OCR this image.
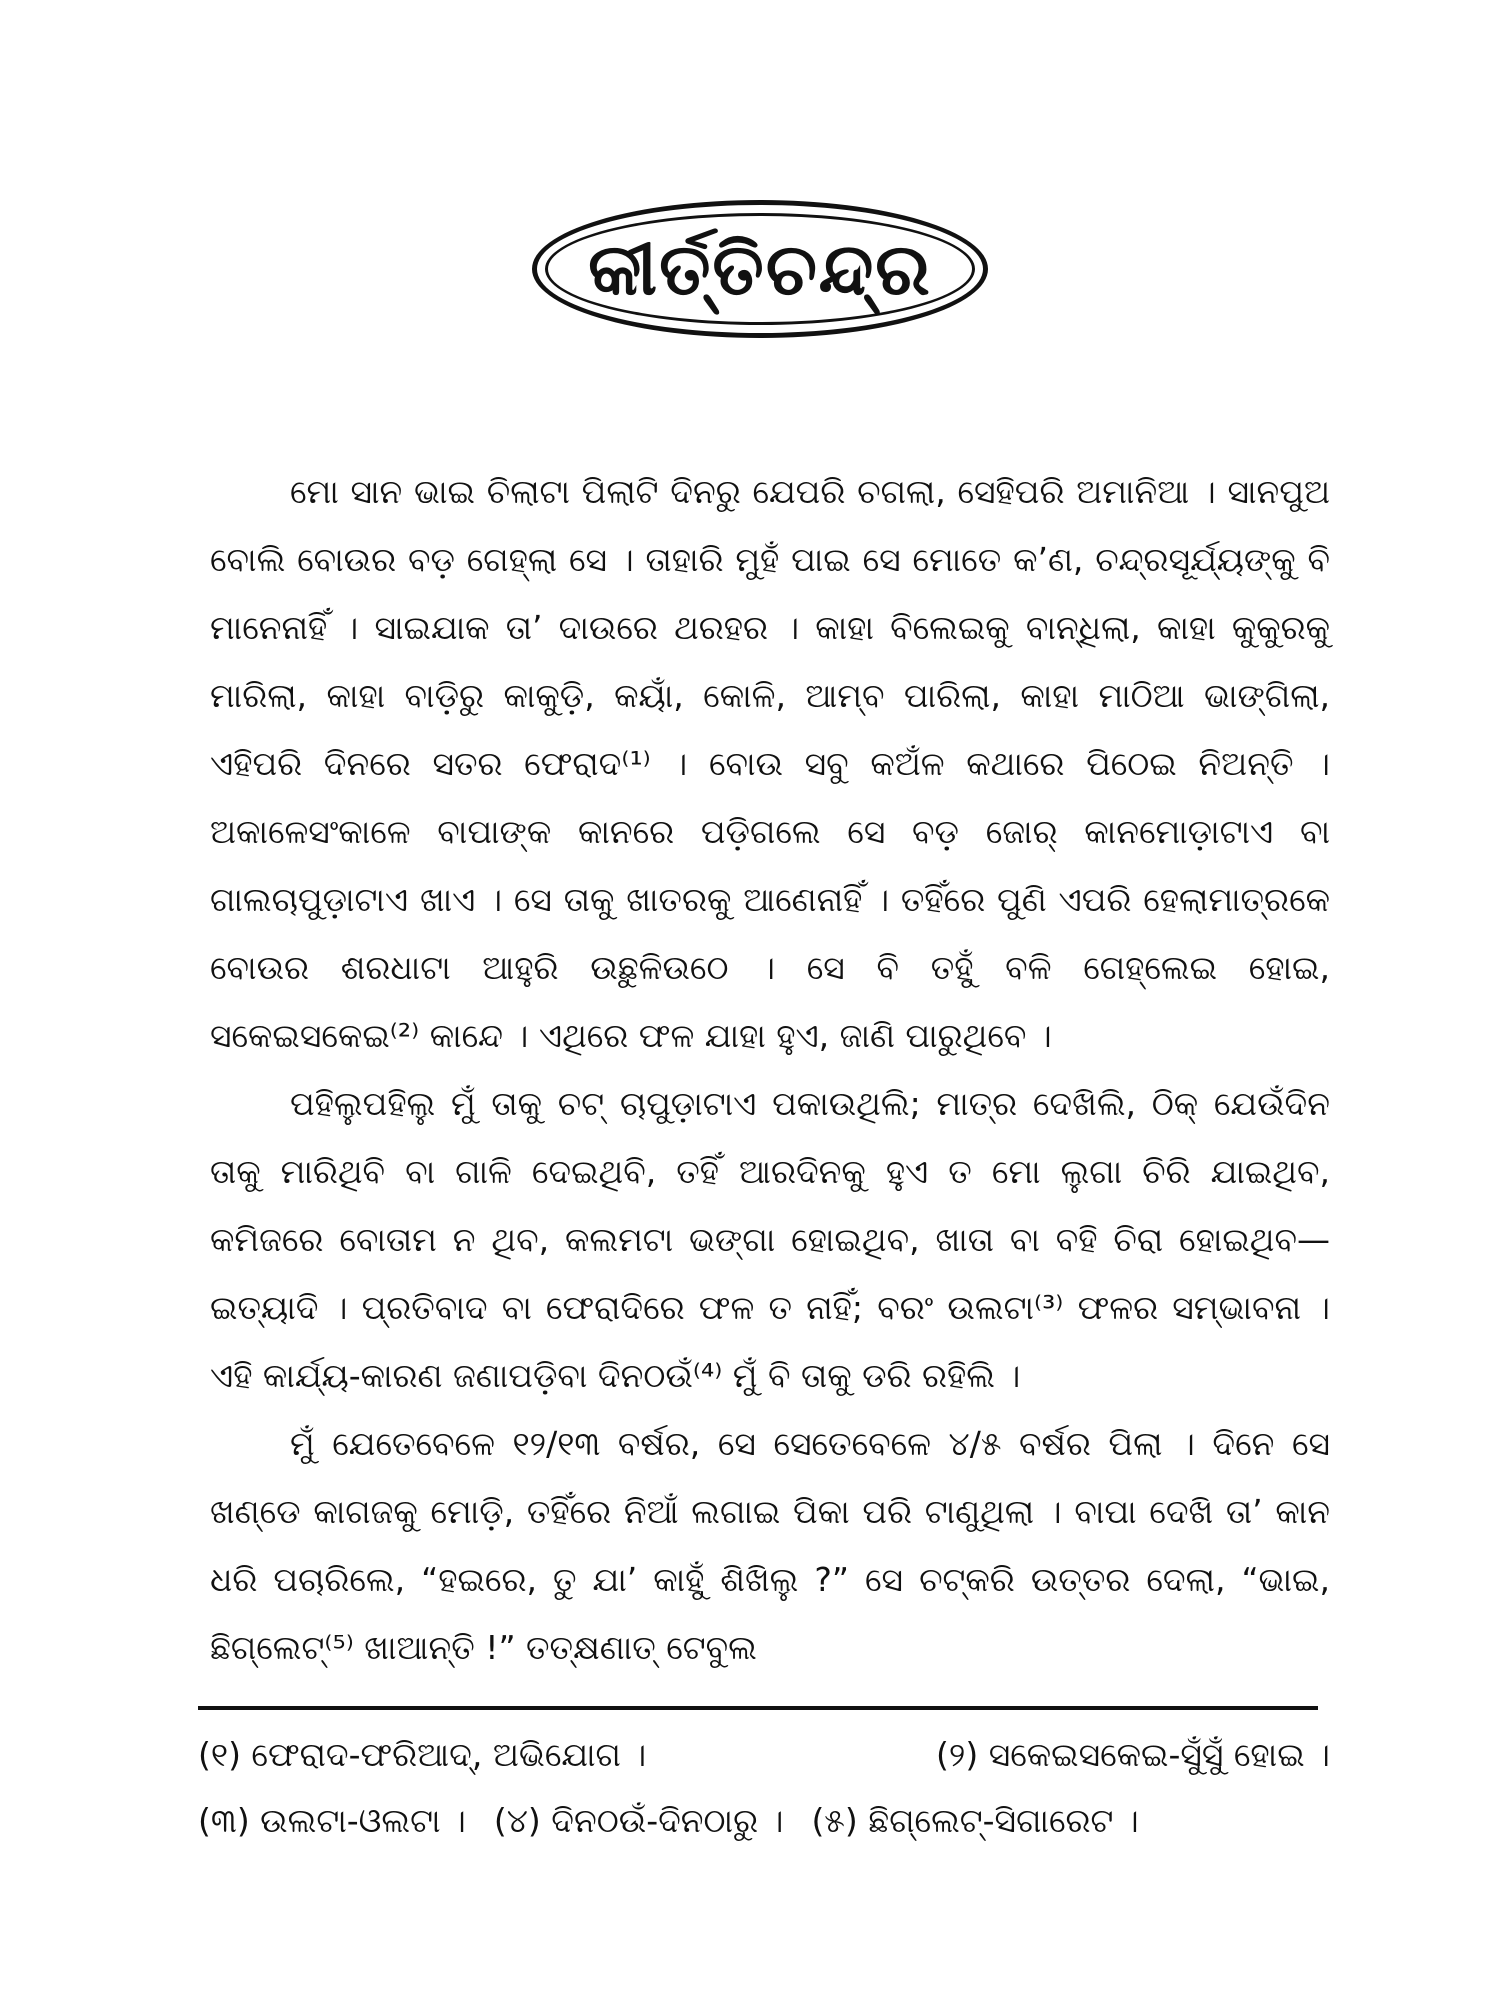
କୀର୍ତ୍ତିଚନ୍ଦ୍ର

ମୋ ସାନ ଭାଇ ଚିଲାଟା ପିଲାଟି ଦିନରୁ ଯେପରି ଚଗଲା, ସେହିପରି ଅମାନିଆ । ସାନପୁଅ ବୋଲି ବୋଉର ବଡ଼ ଗେହ୍ଲା ସେ । ତାହାରି ମୁହଁ ପାଇ ସେ ମୋତେ କ’ଣ, ଚନ୍ଦ୍ରସୂର୍ଯ୍ୟଙ୍କୁ ବି ମାନେନାହିଁ । ସାଇଯାକ ତା’ ଦାଉରେ ଥରହର । କାହା ବିଲେଇକୁ ବାନ୍ଧିଲା, କାହା କୁକୁରକୁ ମାରିଲା, କାହା ବାଡ଼ିରୁ କାକୁଡ଼ି, କୟାଁ, କୋଳି, ଆମ୍ବ ପାରିଲା, କାହା ମାଠିଆ ଭାଙ୍ଗିଲା, ଏହିପରି ଦିନରେ ସତର ଫେରାଦ⁽¹⁾ । ବୋଉ ସବୁ କଅଁଳ କଥାରେ ପିଠେଇ ନିଅନ୍ତି । ଅକାଳେସଂକାଳେ ବାପାଙ୍କ କାନରେ ପଡ଼ିଗଲେ ସେ ବଡ଼ ଜୋର୍ କାନମୋଡ଼ାଟାଏ ବା ଗାଲଚାପୁଡ଼ାଟାଏ ଖାଏ । ସେ ତାକୁ ଖାତରକୁ ଆଣେନାହିଁ । ତହିଁରେ ପୁଣି ଏପରି ହେଲାମାତ୍ରକେ ବୋଉର ଶରଧାଟା ଆହୁରି ଉଛୁଳିଉଠେ । ସେ ବି ତହୁଁ ବଳି ଗେହ୍ଲେଇ ହୋଇ, ସକେଇସକେଇ⁽²⁾ କାନ୍ଦେ । ଏଥିରେ ଫଳ ଯାହା ହୁଏ, ଜାଣି ପାରୁଥିବେ ।

ପହିଲୁପହିଲୁ ମୁଁ ତାକୁ ଚଟ୍ ଚାପୁଡ଼ାଟାଏ ପକାଉଥିଲି; ମାତ୍ର ଦେଖିଲି, ଠିକ୍ ଯେଉଁଦିନ ତାକୁ ମାରିଥିବି ବା ଗାଳି ଦେଇଥିବି, ତହିଁ ଆରଦିନକୁ ହୁଏ ତ ମୋ ଲୁଗା ଚିରି ଯାଇଥିବ, କମିଜରେ ବୋତାମ ନ ଥିବ, କଲମଟା ଭଙ୍ଗା ହୋଇଥିବ, ଖାତା ବା ବହି ଚିରା ହୋଇଥିବ—ଇତ୍ୟାଦି । ପ୍ରତିବାଦ ବା ଫେରାଦିରେ ଫଳ ତ ନାହିଁ; ବରଂ ଉଲଟା⁽³⁾ ଫଳର ସମ୍ଭାବନା । ଏହି କାର୍ଯ୍ୟ-କାରଣ ଜଣାପଡ଼ିବା ଦିନଠଉଁ⁽⁴⁾ ମୁଁ ବି ତାକୁ ଡରି ରହିଲି ।

ମୁଁ ଯେତେବେଳେ ୧୨/୧୩ ବର୍ଷର, ସେ ସେତେବେଳେ ୪/୫ ବର୍ଷର ପିଲା । ଦିନେ ସେ ଖଣ୍ଡେ କାଗଜକୁ ମୋଡ଼ି, ତହିଁରେ ନିଆଁ ଲଗାଇ ପିକା ପରି ଟାଣୁଥିଲା । ବାପା ଦେଖି ତା’ କାନ ଧରି ପଚାରିଲେ, “ହଇରେ, ତୁ ଯା’ କାହୁଁ ଶିଖିଲୁ ?” ସେ ଚଟ୍‌କରି ଉତ୍ତର ଦେଲା, “ଭାଇ, ଛିଗ୍‌ଲେଟ୍⁽⁵⁾ ଖାଆନ୍ତି !” ତତ୍‌କ୍ଷଣାତ୍ ଟେବୁଲ

(୧) ଫେରାଦ-ଫରିଆଦ୍, ଅଭିଯୋଗ ।	(୨) ସକେଇସକେଇ-ସୁଁସୁଁ ହୋଇ ।
(୩) ଉଲଟା-ଓଲଟା । (୪) ଦିନଠଉଁ-ଦିନଠାରୁ । (୫) ଛିଗ୍‌ଲେଟ୍-ସିଗାରେଟ ।
